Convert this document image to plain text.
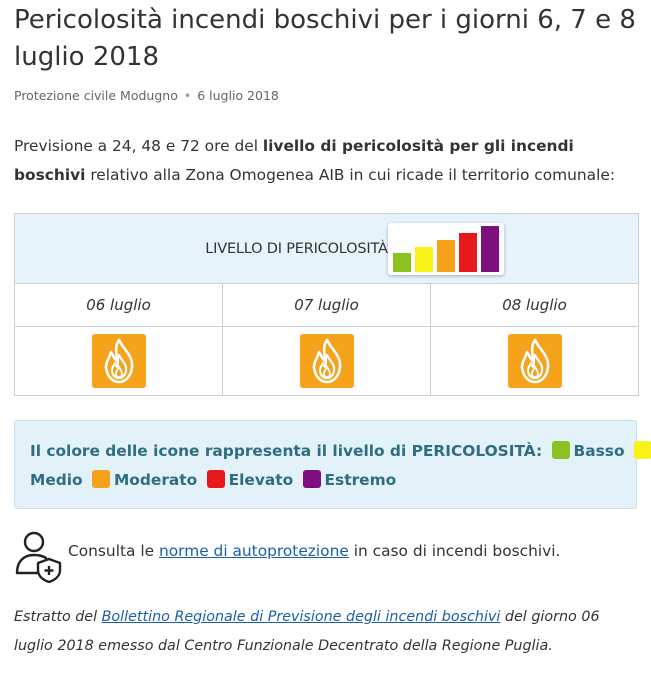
Pericolosità incendi boschivi per i giorni 6, 7 e 8 luglio 2018
Protezione civile Modugno • 6 luglio 2018

Previsione a 24, 48 e 72 ore del livello di pericolosità per gli incendi boschivi relativo alla Zona Omogenea AIB in cui ricade il territorio comunale:

LIVELLO DI PERICOLOSITÀ		

06 luglio	07 luglio	08 luglio

Il colore delle icone rappresenta il livello di PERICOLOSITÀ: Basso
Medio Moderato Elevato Estremo
Consulta le norme di autoprotezione in caso di incendi boschivi.

Estratto del Bollettino Regionale di Previsione degli incendi boschivi del giorno 06 luglio 2018 emesso dal Centro Funzionale Decentrato della Regione Puglia.
